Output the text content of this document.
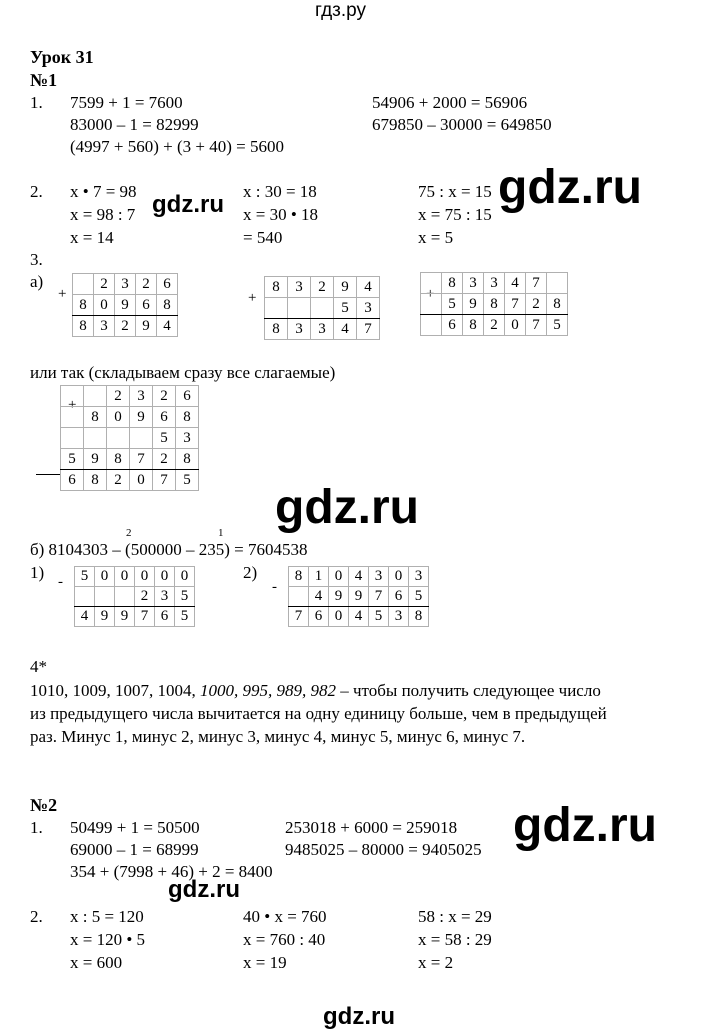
гдз.ру
Урок 31
№1
1. 7599 + 1 = 7600	54906 + 2000 = 56906
83000 – 1 = 82999	679850 – 30000 = 649850
(4997 + 560) + (3 + 40) = 5600
2. x • 7 = 98
x = 98 : 7
x = 14
x : 30 = 18
x = 30 • 18
= 540
75 : x = 15
x = 75 : 15
x = 5
gdz.ru
gdz.ru
3.
а)
+
	2	3	2	6
8	0	9	6	8
8	3	2	9	4
+
8	3	2	9	4
			5	3
8	3	3	4	7
+
	8	3	3	4	7	
	5	9	8	7	2	8
	6	8	2	0	7	5
или так (складываем сразу все слагаемые)
+
		2	3	2	6
	8	0	9	6	8
				5	3
5	9	8	7	2	8
6	8	2	0	7	5
gdz.ru
2	1
б) 8104303 – (500000 – 235) = 7604538
1)	2)
- 5	0	0	0	0	0
			2	3	5
4	9	9	7	6	5
-
8	1	0	4	3	0	3
	4	9	9	7	6	5
7	6	0	4	5	3	8
4*
1010, 1009, 1007, 1004, 1000, 995, 989, 982 – чтобы получить следующее число
из предыдущего числа вычитается на одну единицу больше, чем в предыдущей
раз. Минус 1, минус 2, минус 3, минус 4, минус 5, минус 6, минус 7.
№2
1. 50499 + 1 = 50500	253018 + 6000 = 259018
69000 – 1 = 68999	9485025 – 80000 = 9405025
354 + (7998 + 46) + 2 = 8400
gdz.ru
gdz.ru
2. x : 5 = 120
x = 120 • 5
x = 600
40 • x = 760
x = 760 : 40
x = 19
58 : x = 29
x = 58 : 29
x = 2
gdz.ru
